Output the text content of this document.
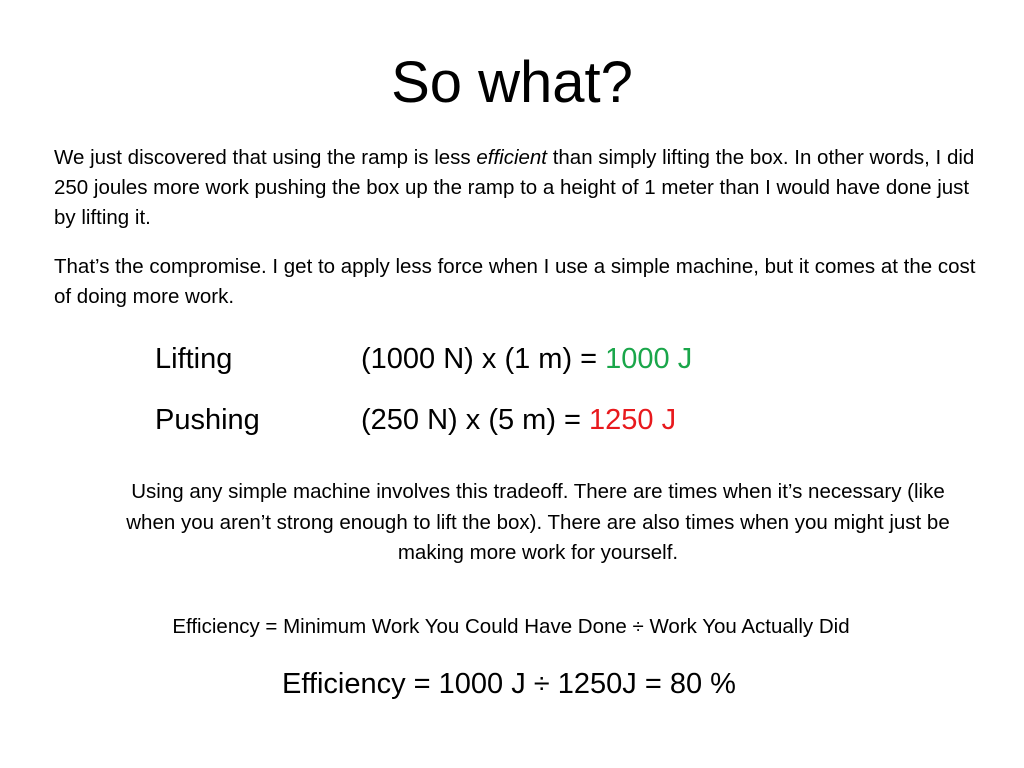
So what?

We just discovered that using the ramp is less efficient than simply lifting the box. In other words, I did 250 joules more work pushing the box up the ramp to a height of 1 meter than I would have done just by lifting it.

That’s the compromise. I get to apply less force when I use a simple machine, but it comes at the cost of doing more work.

Lifting	(1000 N) x (1 m) = 1000 J
Pushing	(250 N) x (5 m) = 1250 J

Using any simple machine involves this tradeoff. There are times when it’s necessary (like when you aren’t strong enough to lift the box). There are also times when you might just be making more work for yourself.

Efficiency = Minimum Work You Could Have Done ÷ Work You Actually Did

Efficiency = 1000 J ÷ 1250J = 80 %
